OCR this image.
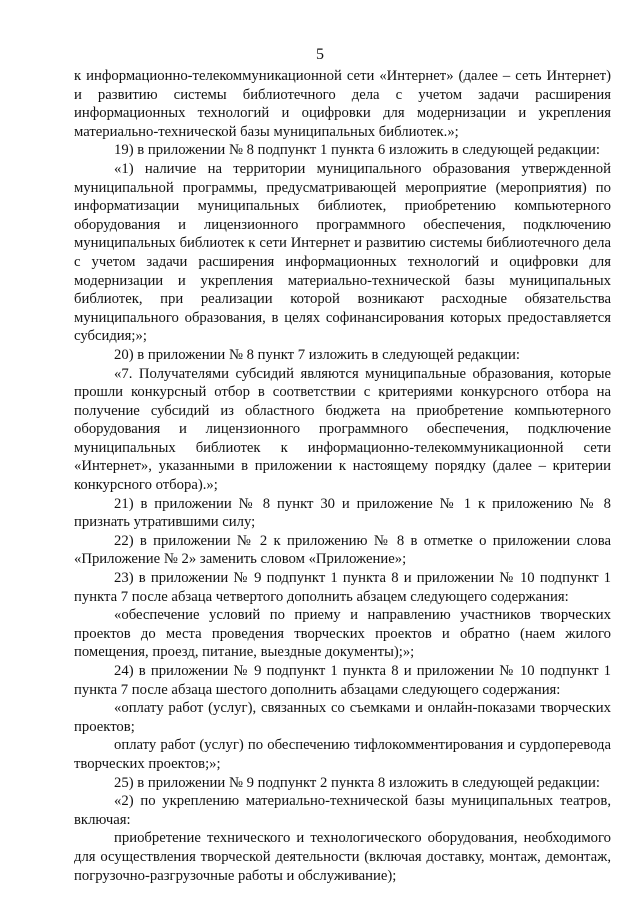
5

к информационно-телекоммуникационной сети «Интернет» (далее – сеть Интернет) и развитию системы библиотечного дела с учетом задачи расширения информационных технологий и оцифровки для модернизации и укрепления материально-технической базы муниципальных библиотек.»;

19) в приложении № 8 подпункт 1 пункта 6 изложить в следующей редакции:

«1) наличие на территории муниципального образования утвержденной муниципальной программы, предусматривающей мероприятие (мероприятия) по информатизации муниципальных библиотек, приобретению компьютерного оборудования и лицензионного программного обеспечения, подключению муниципальных библиотек к сети Интернет и развитию системы библиотечного дела с учетом задачи расширения информационных технологий и оцифровки для модернизации и укрепления материально-технической базы муниципальных библиотек, при реализации которой возникают расходные обязательства муниципального образования, в целях софинансирования которых предоставляется субсидия;»;

20) в приложении № 8 пункт 7 изложить в следующей редакции:

«7. Получателями субсидий являются муниципальные образования, которые прошли конкурсный отбор в соответствии с критериями конкурсного отбора на получение субсидий из областного бюджета на приобретение компьютерного оборудования и лицензионного программного обеспечения, подключение муниципальных библиотек к информационно-телекоммуникационной сети «Интернет», указанными в приложении к настоящему порядку (далее – критерии конкурсного отбора).»;

21) в приложении № 8 пункт 30 и приложение № 1 к приложению № 8 признать утратившими силу;

22) в приложении № 2 к приложению № 8 в отметке о приложении слова «Приложение № 2» заменить словом «Приложение»;

23) в приложении № 9 подпункт 1 пункта 8 и приложении № 10 подпункт 1 пункта 7 после абзаца четвертого дополнить абзацем следующего содержания:

«обеспечение условий по приему и направлению участников творческих проектов до места проведения творческих проектов и обратно (наем жилого помещения, проезд, питание, выездные документы);»;

24) в приложении № 9 подпункт 1 пункта 8 и приложении № 10 подпункт 1 пункта 7 после абзаца шестого дополнить абзацами следующего содержания:

«оплату работ (услуг), связанных со съемками и онлайн-показами творческих проектов;

оплату работ (услуг) по обеспечению тифлокомментирования и сурдоперевода творческих проектов;»;

25) в приложении № 9 подпункт 2 пункта 8 изложить в следующей редакции:

«2) по укреплению материально-технической базы муниципальных театров, включая:

приобретение технического и технологического оборудования, необходимого для осуществления творческой деятельности (включая доставку, монтаж, демонтаж, погрузочно-разгрузочные работы и обслуживание);
